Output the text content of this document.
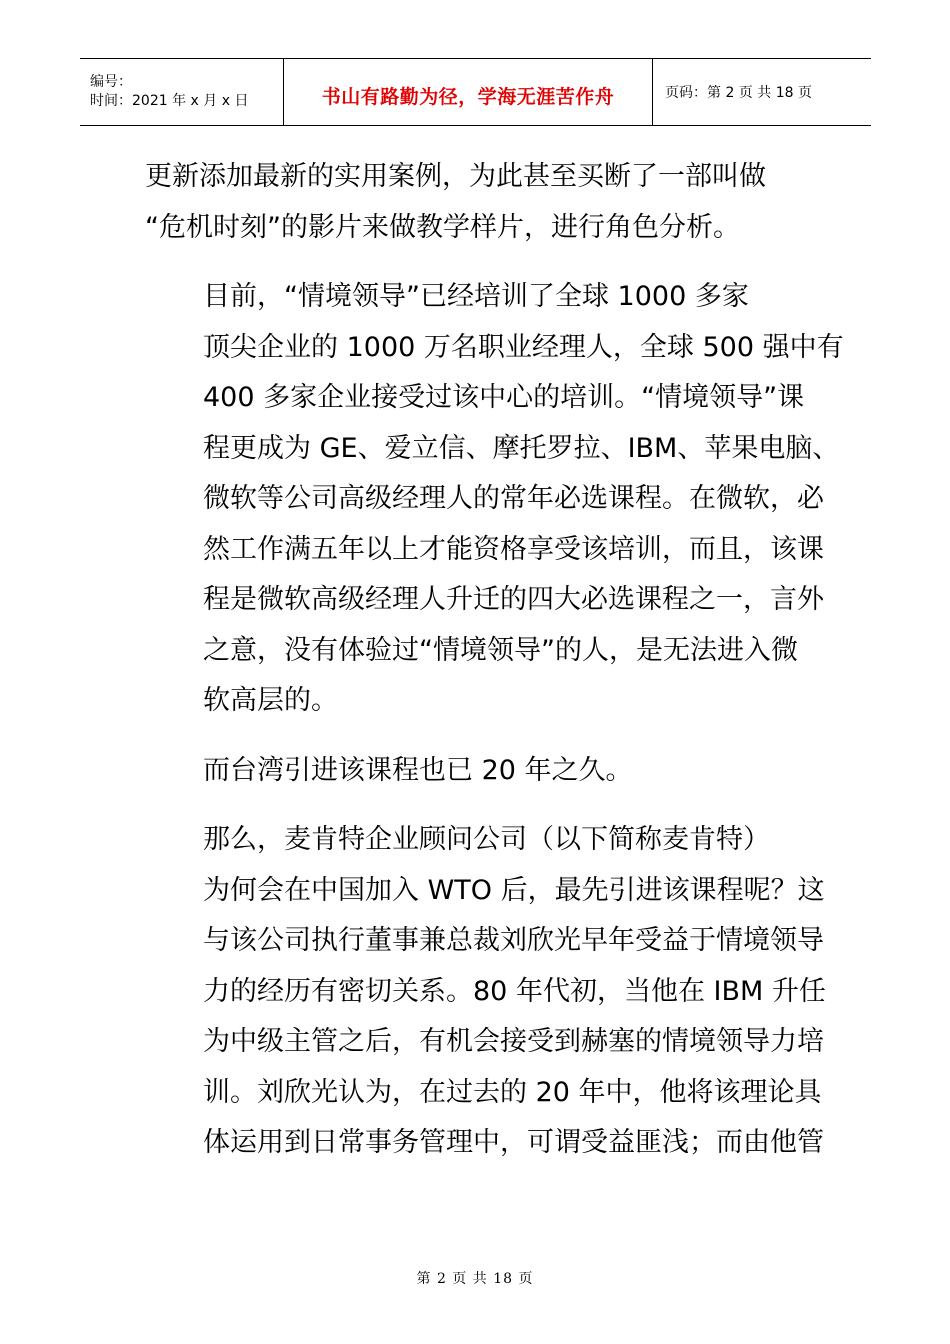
编号：
时间：2021 年 x 月 x 日	书山有路勤为径，学海无涯苦作舟	页码：第 2 页 共 18 页

更新添加最新的实用案例，为此甚至买断了一部叫做
“危机时刻”的影片来做教学样片，进行角色分析。

目前，“情境领导”已经培训了全球 1000 多家
顶尖企业的 1000 万名职业经理人，全球 500 强中有
400 多家企业接受过该中心的培训。“情境领导”课
程更成为 GE、爱立信、摩托罗拉、IBM、苹果电脑、
微软等公司高级经理人的常年必选课程。在微软，必
然工作满五年以上才能资格享受该培训，而且，该课
程是微软高级经理人升迁的四大必选课程之一，言外
之意，没有体验过“情境领导”的人，是无法进入微
软高层的。

而台湾引进该课程也已 20 年之久。

那么，麦肯特企业顾问公司（以下简称麦肯特）
为何会在中国加入 WTO 后，最先引进该课程呢？这
与该公司执行董事兼总裁刘欣光早年受益于情境领导
力的经历有密切关系。80 年代初，当他在 IBM 升任
为中级主管之后，有机会接受到赫塞的情境领导力培
训。刘欣光认为，在过去的 20 年中，他将该理论具
体运用到日常事务管理中，可谓受益匪浅；而由他管

第 2 页 共 18 页
